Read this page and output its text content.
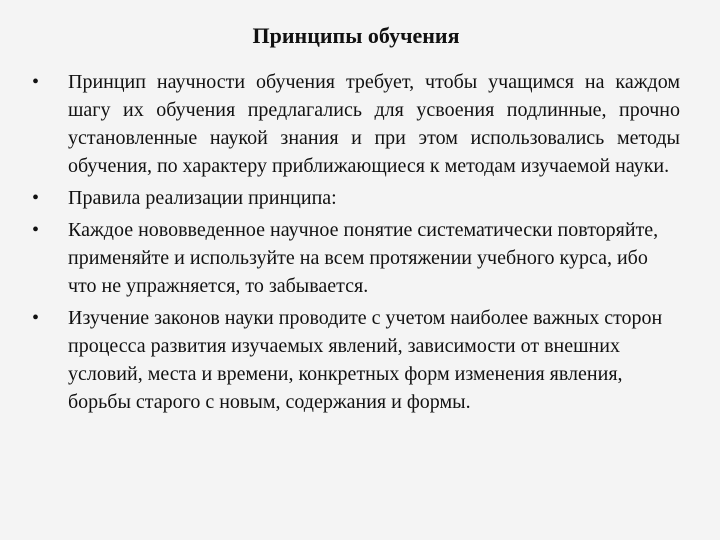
Принципы обучения
•	Принцип научности обучения требует, чтобы учащимся на каждом шагу их обучения предлагались для усвоения подлинные, прочно установленные наукой знания и при этом использовались методы обучения, по характеру приближающиеся к методам изучаемой науки.
•	Правила реализации принципа:
•	Каждое нововведенное научное понятие систематически повторяйте, применяйте и используйте на всем протяжении учебного курса, ибо что не упражняется, то забывается.
•	Изучение законов науки проводите с учетом наиболее важных сторон процесса развития изучаемых явлений, зависимости от внешних условий, места и времени, конкретных форм изменения явления, борьбы старого с новым, содержания и формы.
